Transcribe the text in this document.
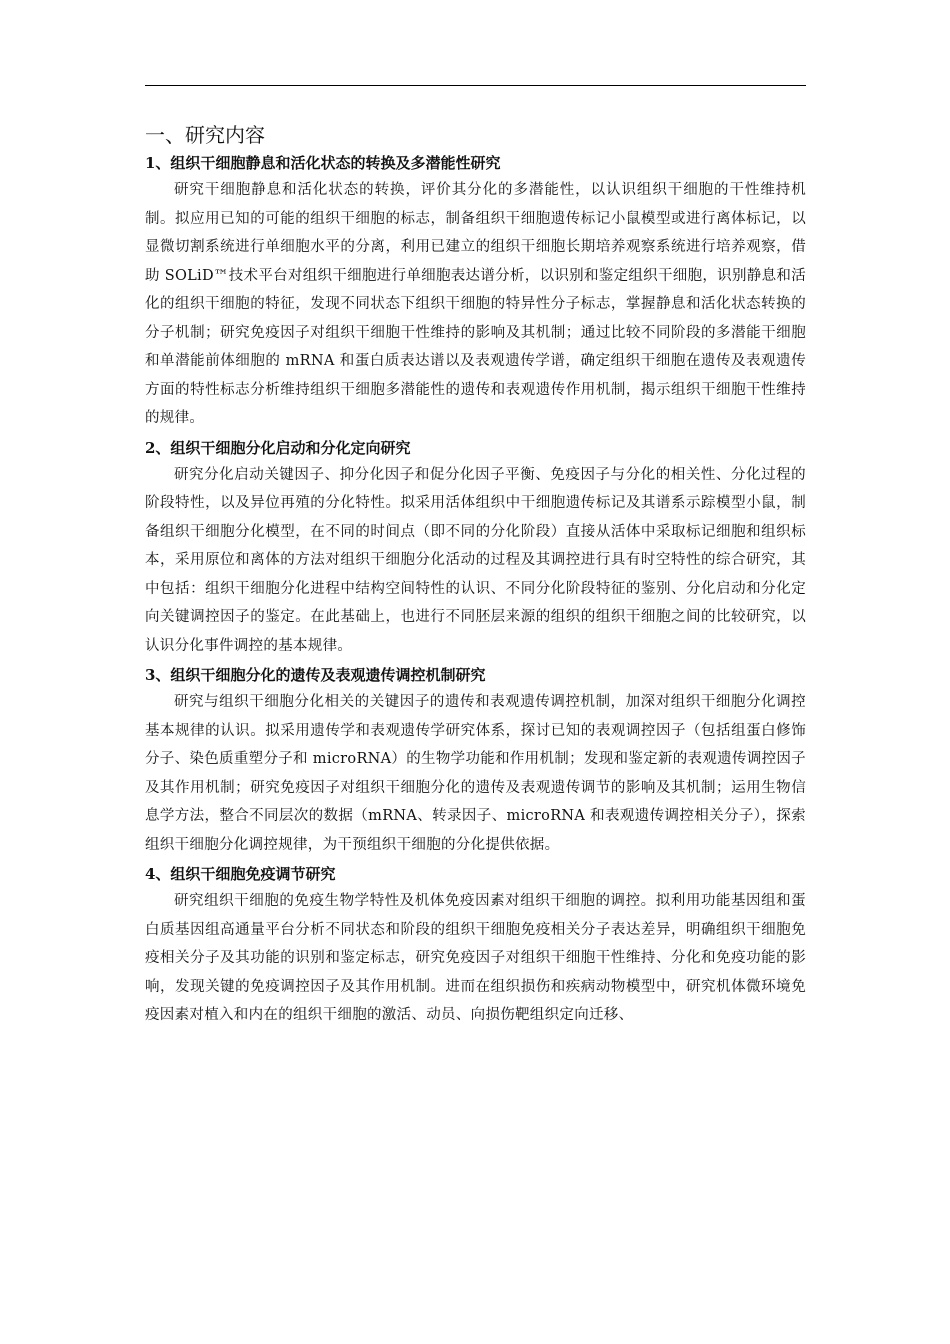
一、研究内容
1、组织干细胞静息和活化状态的转换及多潜能性研究

研究干细胞静息和活化状态的转换，评价其分化的多潜能性，以认识组织干细胞的干性维持机制。拟应用已知的可能的组织干细胞的标志，制备组织干细胞遗传标记小鼠模型或进行离体标记，以显微切割系统进行单细胞水平的分离，利用已建立的组织干细胞长期培养观察系统进行培养观察，借助 SOLiD™技术平台对组织干细胞进行单细胞表达谱分析，以识别和鉴定组织干细胞，识别静息和活化的组织干细胞的特征，发现不同状态下组织干细胞的特异性分子标志，掌握静息和活化状态转换的分子机制；研究免疫因子对组织干细胞干性维持的影响及其机制；通过比较不同阶段的多潜能干细胞和单潜能前体细胞的 mRNA 和蛋白质表达谱以及表观遗传学谱，确定组织干细胞在遗传及表观遗传方面的特性标志分析维持组织干细胞多潜能性的遗传和表观遗传作用机制，揭示组织干细胞干性维持的规律。

2、组织干细胞分化启动和分化定向研究

研究分化启动关键因子、抑分化因子和促分化因子平衡、免疫因子与分化的相关性、分化过程的阶段特性，以及异位再殖的分化特性。拟采用活体组织中干细胞遗传标记及其谱系示踪模型小鼠，制备组织干细胞分化模型，在不同的时间点（即不同的分化阶段）直接从活体中采取标记细胞和组织标本，采用原位和离体的方法对组织干细胞分化活动的过程及其调控进行具有时空特性的综合研究，其中包括：组织干细胞分化进程中结构空间特性的认识、不同分化阶段特征的鉴别、分化启动和分化定向关键调控因子的鉴定。在此基础上，也进行不同胚层来源的组织的组织干细胞之间的比较研究，以认识分化事件调控的基本规律。

3、组织干细胞分化的遗传及表观遗传调控机制研究

研究与组织干细胞分化相关的关键因子的遗传和表观遗传调控机制，加深对组织干细胞分化调控基本规律的认识。拟采用遗传学和表观遗传学研究体系，探讨已知的表观调控因子（包括组蛋白修饰分子、染色质重塑分子和 microRNA）的生物学功能和作用机制；发现和鉴定新的表观遗传调控因子及其作用机制；研究免疫因子对组织干细胞分化的遗传及表观遗传调节的影响及其机制；运用生物信息学方法，整合不同层次的数据（mRNA、转录因子、microRNA 和表观遗传调控相关分子），探索组织干细胞分化调控规律，为干预组织干细胞的分化提供依据。

4、组织干细胞免疫调节研究

研究组织干细胞的免疫生物学特性及机体免疫因素对组织干细胞的调控。拟利用功能基因组和蛋白质基因组高通量平台分析不同状态和阶段的组织干细胞免疫相关分子表达差异，明确组织干细胞免疫相关分子及其功能的识别和鉴定标志，研究免疫因子对组织干细胞干性维持、分化和免疫功能的影响，发现关键的免疫调控因子及其作用机制。进而在组织损伤和疾病动物模型中，研究机体微环境免疫因素对植入和内在的组织干细胞的激活、动员、向损伤靶组织定向迁移、
